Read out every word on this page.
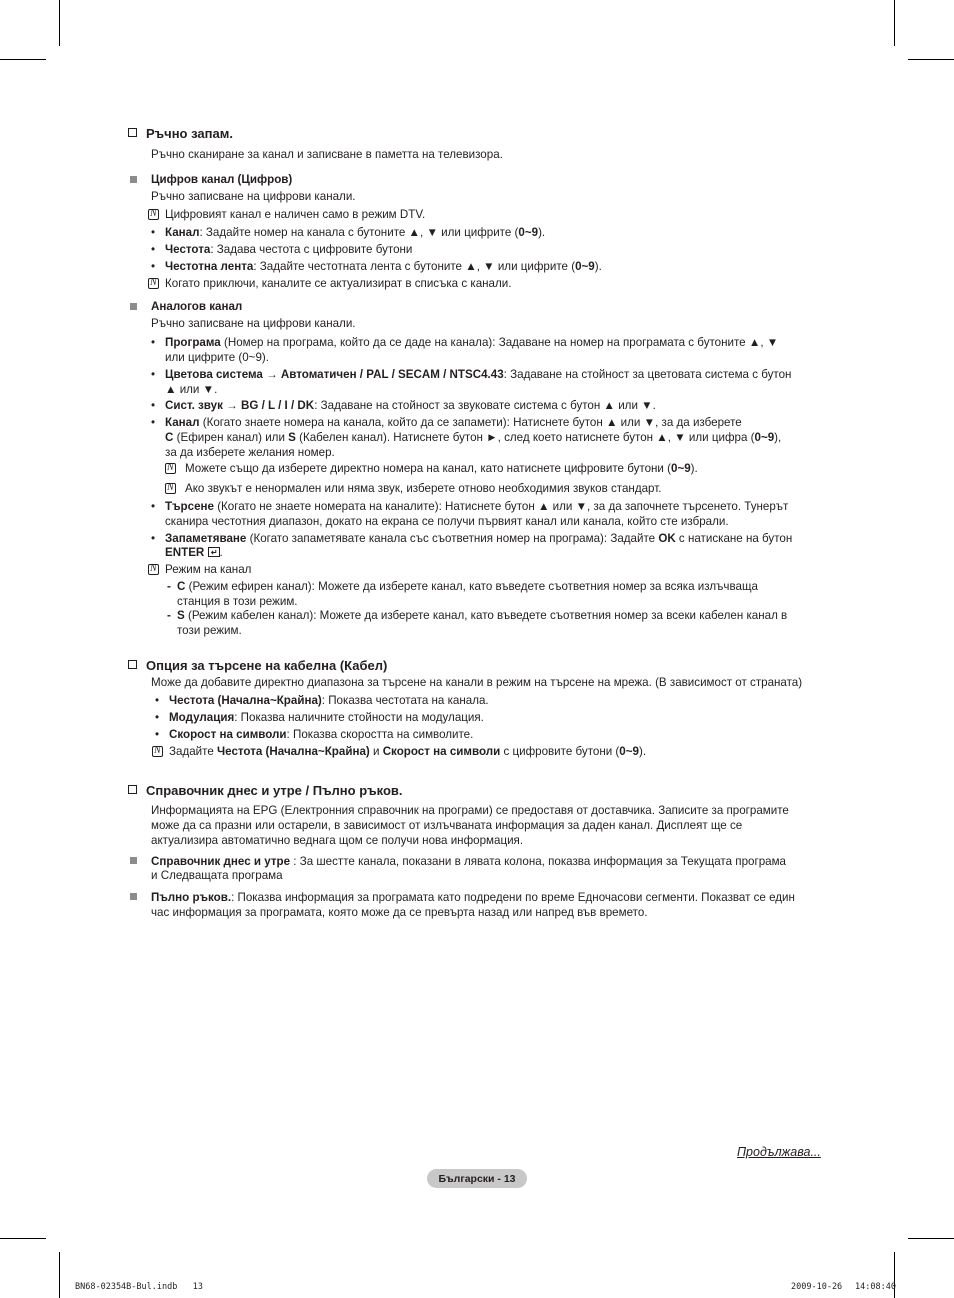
Ръчно запам.
Ръчно сканиране за канал и записване в паметта на телевизора.
Цифров канал (Цифров)
Ръчно записване на цифрови канали.
N
Цифровият канал е наличен само в режим DTV.
• Канал: Задайте номер на канала с бутоните ▲, ▼ или цифрите (0~9).
• Честота: Задава честота с цифровите бутони
• Честотна лента: Задайте честотната лента с бутоните ▲, ▼ или цифрите (0~9).
N
Когато приключи, каналите се актуализират в списъка с канали.
Аналогов канал
Ръчно записване на цифрови канали.
• Програма (Номер на програма, който да се даде на канала): Задаване на номер на програмата с бутоните ▲, ▼
или цифрите (0~9).
• Цветова система → Автоматичен / PAL / SECAM / NTSC4.43: Задаване на стойност за цветовата система с бутон
▲ или ▼.
• Сист. звук → BG / L / I / DK: Задаване на стойност за звуковате система с бутон ▲ или ▼.
• Канал (Когато знаете номера на канала, който да се запамети): Натиснете бутон ▲ или ▼, за да изберете
C (Ефирен канал) или S (Кабелен канал). Натиснете бутон ►, след което натиснете бутон ▲, ▼ или цифра (0~9),
за да изберете желания номер.
N
Можете също да изберете директно номера на канал, като натиснете цифровите бутони (0~9).
N
Ако звукът е ненормален или няма звук, изберете отново необходимия звуков стандарт.
• Търсене (Когато не знаете номерата на каналите): Натиснете бутон ▲ или ▼, за да започнете търсенето. Тунерът
сканира честотния диапазон, докато на екрана се получи първият канал или канала, който сте избрали.
• Запаметяване (Когато запаметявате канала със съответния номер на програма): Задайте OK с натискане на бутон
ENTER ↵ .
N
Режим на канал
- C (Режим ефирен канал): Можете да изберете канал, като въведете съответния номер за всяка излъчваща
станция в този режим.
- S (Режим кабелен канал): Можете да изберете канал, като въведете съответния номер за всеки кабелен канал в
този режим.
Опция за търсене на кабелна (Кабел)
Може да добавите директно диапазона за търсене на канали в режим на търсене на мрежа. (В зависимост от страната)
• Честота (Начална~Крайна): Показва честотата на канала.
• Модулация: Показва наличните стойности на модулация.
• Скорост на символи: Показва скоростта на символите.
N
Задайте Честота (Начална~Крайна) и Скорост на символи с цифровите бутони (0~9).
Справочник днес и утре / Пълно ръков.
Информацията на EPG (Електронния справочник на програми) се предоставя от доставчика. Записите за програмите
може да са празни или остарели, в зависимост от излъчваната информация за даден канал. Дисплеят ще се
актуализира автоматично веднага щом се получи нова информация.
Справочник днес и утре : За шестте канала, показани в лявата колона, показва информация за Текущата програма
и Следващата програма
Пълно ръков.: Показва информация за програмата като подредени по време Едночасови сегменти. Показват се един
час информация за програмата, която може да се превърта назад или напред във времето.
Продължава...
Български - 13
BN68-02354B-Bul.indb   13	2009-10-26 14:08:40
